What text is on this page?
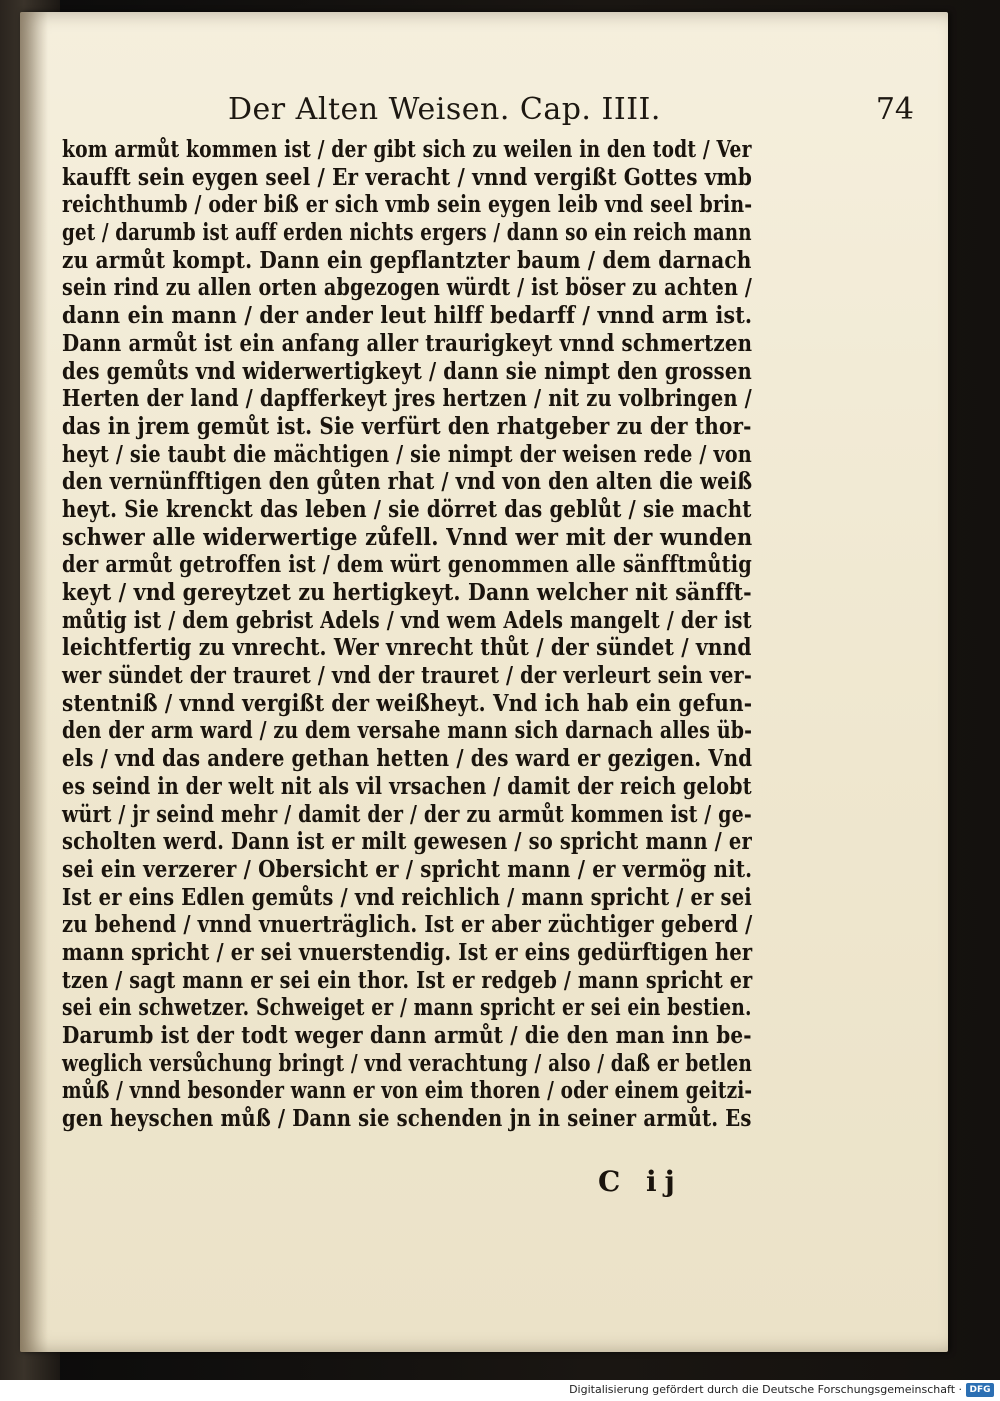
Der Alten Weisen. Cap. IIII.	74
kom armůt kommen ist / der gibt sich zu weilen in den todt / Ver
kaufft sein eygen seel / Er veracht / vnnd vergißt Gottes vmb
reichthumb / oder biß er sich vmb sein eygen leib vnd seel brin-
get / darumb ist auff erden nichts ergers / dann so ein reich mann
zu armůt kompt. Dann ein gepflantzter baum / dem darnach
sein rind zu allen orten abgezogen würdt / ist böser zu achten /
dann ein mann / der ander leut hilff bedarff / vnnd arm ist.
Dann armůt ist ein anfang aller traurigkeyt vnnd schmertzen
des gemůts vnd widerwertigkeyt / dann sie nimpt den grossen
Herten der land / dapfferkeyt jres hertzen / nit zu volbringen /
das in jrem gemůt ist. Sie verfürt den rhatgeber zu der thor-
heyt / sie taubt die mächtigen / sie nimpt der weisen rede / von
den vernünfftigen den gůten rhat / vnd von den alten die weiß
heyt. Sie krenckt das leben / sie dörret das geblůt / sie macht
schwer alle widerwertige zůfell. Vnnd wer mit der wunden
der armůt getroffen ist / dem würt genommen alle sänfftmůtig
keyt / vnd gereytzet zu hertigkeyt. Dann welcher nit sänfft-
můtig ist / dem gebrist Adels / vnd wem Adels mangelt / der ist
leichtfertig zu vnrecht. Wer vnrecht thůt / der sündet / vnnd
wer sündet der trauret / vnd der trauret / der verleurt sein ver-
stentniß / vnnd vergißt der weißheyt. Vnd ich hab ein gefun-
den der arm ward / zu dem versahe mann sich darnach alles üb-
els / vnd das andere gethan hetten / des ward er gezigen. Vnd
es seind in der welt nit als vil vrsachen / damit der reich gelobt
würt / jr seind mehr / damit der / der zu armůt kommen ist / ge-
scholten werd. Dann ist er milt gewesen / so spricht mann / er
sei ein verzerer / Obersicht er / spricht mann / er vermög nit.
Ist er eins Edlen gemůts / vnd reichlich / mann spricht / er sei
zu behend / vnnd vnuerträglich. Ist er aber züchtiger geberd /
mann spricht / er sei vnuerstendig. Ist er eins gedürftigen her
tzen / sagt mann er sei ein thor. Ist er redgeb / mann spricht er
sei ein schwetzer. Schweiget er / mann spricht er sei ein bestien.
Darumb ist der todt weger dann armůt / die den man inn be-
weglich versůchung bringt / vnd verachtung / also / daß er betlen
můß / vnnd besonder wann er von eim thoren / oder einem geitzi-
gen heyschen můß / Dann sie schenden jn in seiner armůt. Es
C ij
Digitalisierung gefördert durch die Deutsche Forschungsgemeinschaft · DFG
